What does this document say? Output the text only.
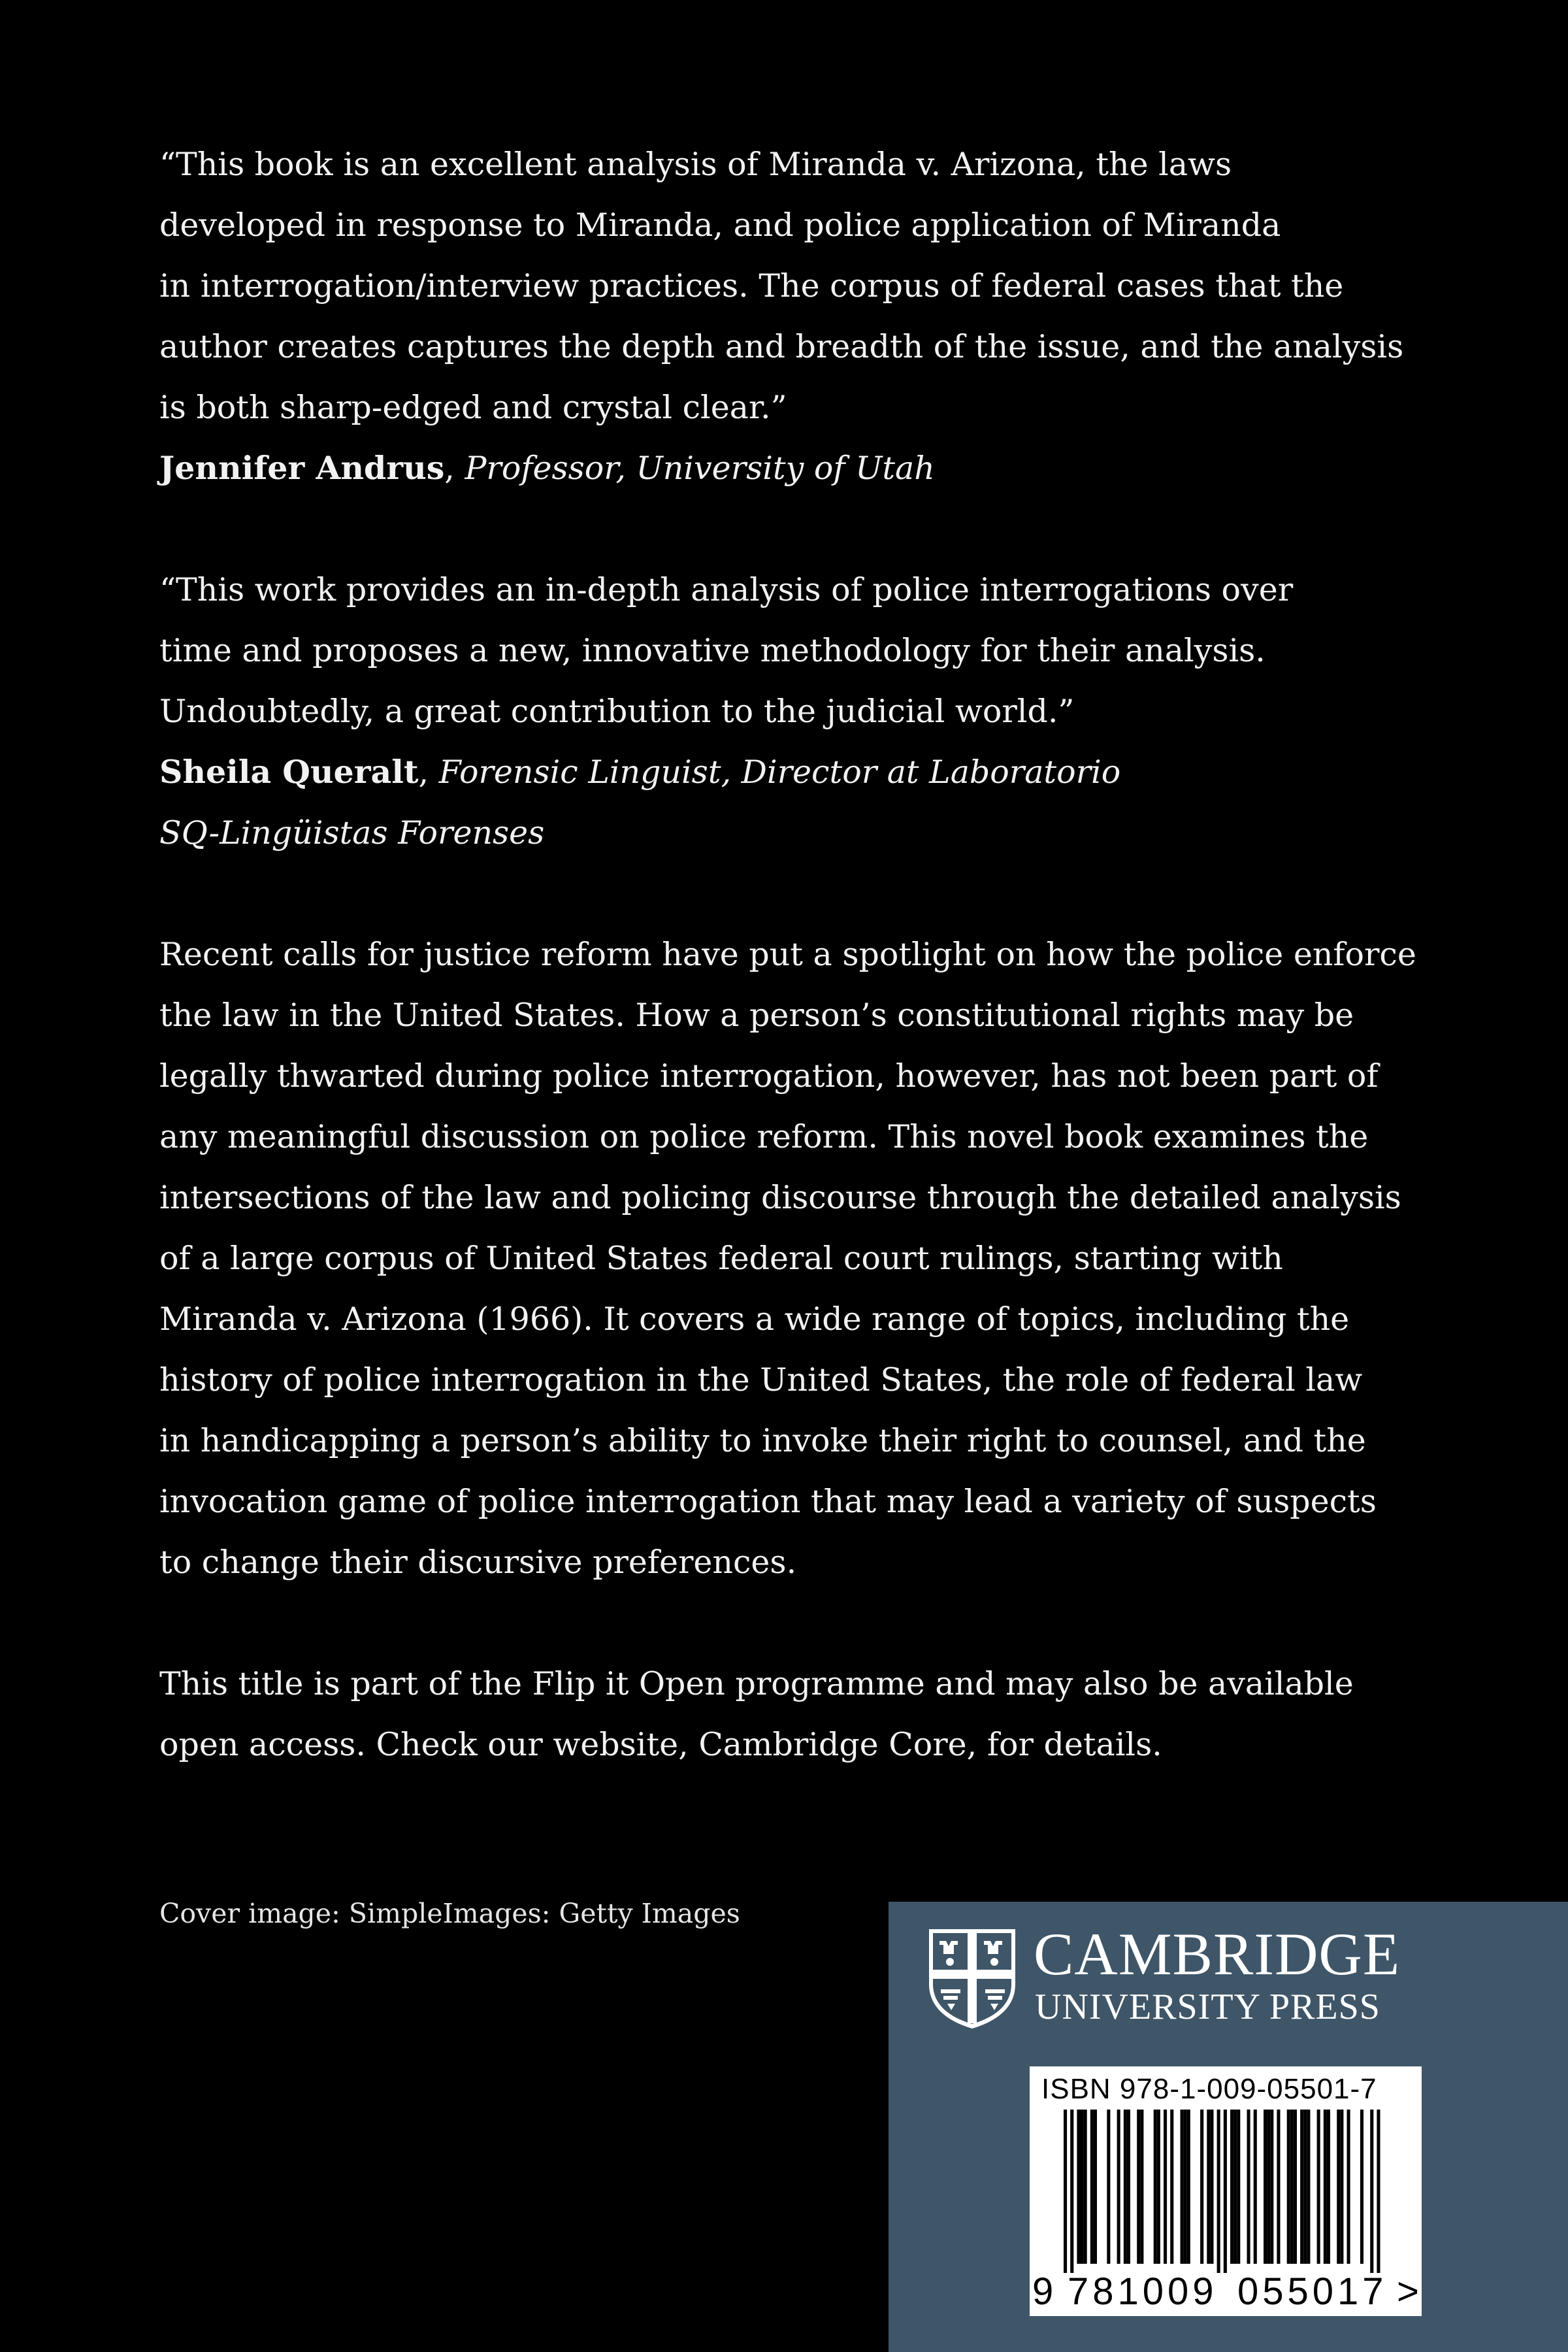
“This book is an excellent analysis of Miranda v. Arizona, the laws
developed in response to Miranda, and police application of Miranda
in interrogation/interview practices. The corpus of federal cases that the
author creates captures the depth and breadth of the issue, and the analysis
is both sharp-edged and crystal clear.”

Jennifer Andrus, Professor, University of Utah

“This work provides an in-depth analysis of police interrogations over
time and proposes a new, innovative methodology for their analysis.
Undoubtedly, a great contribution to the judicial world.”

Sheila Queralt, Forensic Linguist, Director at Laboratorio
SQ-Lingüistas Forenses

Recent calls for justice reform have put a spotlight on how the police enforce
the law in the United States. How a person’s constitutional rights may be
legally thwarted during police interrogation, however, has not been part of
any meaningful discussion on police reform. This novel book examines the
intersections of the law and policing discourse through the detailed analysis
of a large corpus of United States federal court rulings, starting with
Miranda v. Arizona (1966). It covers a wide range of topics, including the
history of police interrogation in the United States, the role of federal law
in handicapping a person’s ability to invoke their right to counsel, and the
invocation game of police interrogation that may lead a variety of suspects
to change their discursive preferences.

This title is part of the Flip it Open programme and may also be available
open access. Check our website, Cambridge Core, for details.

Cover image: SimpleImages: Getty Images
CAMBRIDGE
UNIVERSITY PRESS
ISBN 978-1-009-05501-7
9 781009 055017 >
